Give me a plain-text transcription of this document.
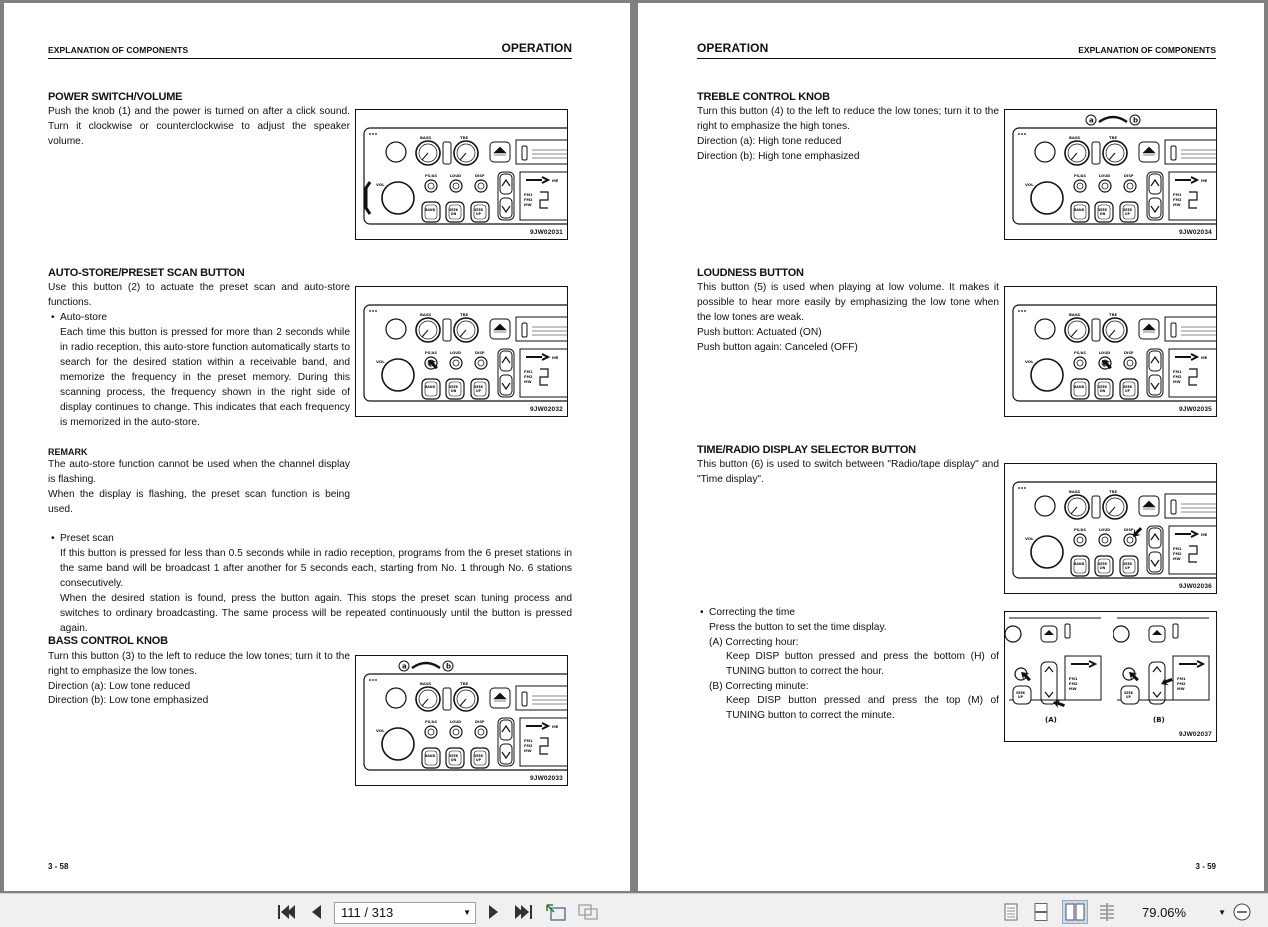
EXPLANATION OF COMPONENTS	OPERATION
POWER SWITCH/VOLUME
Push the knob (1) and the power is turned on after a click sound. Turn it clockwise or counterclockwise to adjust the speaker volume.	BASS	TRE
VOL
PS/AS	LOUD	DISP
BAND	SEEK
DN
SEEK
UP
ME
FM1
FM2
MW
9JW02031
AUTO-STORE/PRESET SCAN BUTTON
Use this button (2) to actuate the preset scan and auto-store functions.
• Auto-store
Each time this button is pressed for more than 2 seconds while in radio reception, this auto-store function automatically starts to search for the desired station within a receivable band, and memorize the frequency in the preset memory. During this scanning process, the frequency shown in the right side of display continues to change. This indicates that each frequency is memorized in the auto-store.
BASS	TRE
VOL
PS/AS	LOUD	DISP
BAND	SEEK
DN
SEEK
UP
ME
FM1
FM2
MW
9JW02032
REMARK
The auto-store function cannot be used when the channel display is flashing.
When the display is flashing, the preset scan function is being used.
• Preset scan
If this button is pressed for less than 0.5 seconds while in radio reception, programs from the 6 preset stations in the same band will be broadcast 1 after another for 5 seconds each, starting from No. 1 through No. 6 stations consecutively.
When the desired station is found, press the button again. This stops the preset scan tuning process and switches to ordinary broadcasting. The same process will be repeated continuously until the button is pressed again.
BASS CONTROL KNOB
Turn this button (3) to the left to reduce the low tones; turn it to the right to emphasize the low tones.
Direction (a): Low tone reduced
Direction (b): Low tone emphasized
BASS	TRE
VOL
PS/AS	LOUD	DISP
BAND	SEEK
DN
SEEK
UP
ME
FM1
FM2
MW
a	b
9JW02033
3 - 58
OPERATION	EXPLANATION OF COMPONENTS
TREBLE CONTROL KNOB
Turn this button (4) to the left to reduce the low tones; turn it to the right to emphasize the high tones.
Direction (a): High tone reduced
Direction (b): High tone emphasized
BASS	TRE
VOL
PS/AS	LOUD	DISP
BAND	SEEK
DN
SEEK
UP
ME
FM1
FM2
MW
a	b
9JW02034
LOUDNESS BUTTON
This button (5) is used when playing at low volume. It makes it possible to hear more easily by emphasizing the low tone when the low tones are weak.
Push button: Actuated (ON)
Push button again: Canceled (OFF)
BASS	TRE
VOL
PS/AS	LOUD	DISP
BAND	SEEK
DN
SEEK
UP
ME
FM1
FM2
MW
9JW02035
TIME/RADIO DISPLAY SELECTOR BUTTON
This button (6) is used to switch between "Radio/tape display" and "Time display".
BASS	TRE
VOL
PS/AS	LOUD	DISP
BAND	SEEK
DN
SEEK
UP
ME
FM1
FM2
MW
9JW02036
• Correcting the time
Press the button to set the time display.
(A) Correcting hour:
Keep DISP button pressed and press the bottom (H) of TUNING button to correct the hour.
(B) Correcting minute:
Keep DISP button pressed and press the top (M) of TUNING button to correct the minute.
SEEK
UP
FM1
FM2
MW
(A)
SEEK
UP
FM1
FM2
MW
(B)
9JW02037
3 - 59
111 / 313	▼	79.06%	▼
